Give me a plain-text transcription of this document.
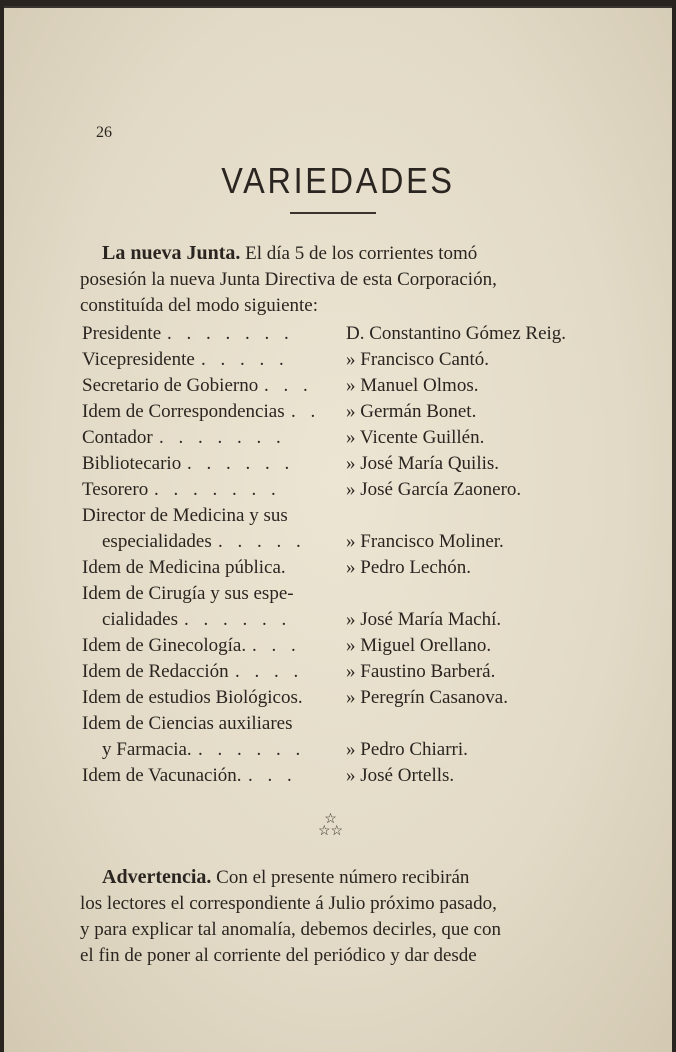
26
VARIEDADES

La nueva Junta. El día 5 de los corrientes tomó
posesión la nueva Junta Directiva de esta Corporación,
constituída del modo siguiente:

Presidente . . . . . . .	D. Constantino Gómez Reig.
Vicepresidente . . . . .	» Francisco Cantó.
Secretario de Gobierno . . . » Manuel Olmos.
Idem de Correspondencias . . » Germán Bonet.
Contador . . . . . . .	» Vicente Guillén.
Bibliotecario . . . . . .	» José María Quilis.
Tesorero . . . . . . .	» José García Zaonero.
Director de Medicina y sus
especialidades . . . . . » Francisco Moliner.
Idem de Medicina pública.	» Pedro Lechón.
Idem de Cirugía y sus espe-
cialidades . . . . . .	» José María Machí.
Idem de Ginecología. . . . » Miguel Orellano.
Idem de Redacción . . . . » Faustino Barberá.
Idem de estudios Biológicos. » Peregrín Casanova.
Idem de Ciencias auxiliares
y Farmacia. . . . . . . » Pedro Chiarri.
Idem de Vacunación. . . .	» José Ortells.
☆
☆☆

Advertencia. Con el presente número recibirán
los lectores el correspondiente á Julio próximo pasado,
y para explicar tal anomalía, debemos decirles, que con
el fin de poner al corriente del periódico y dar desde
